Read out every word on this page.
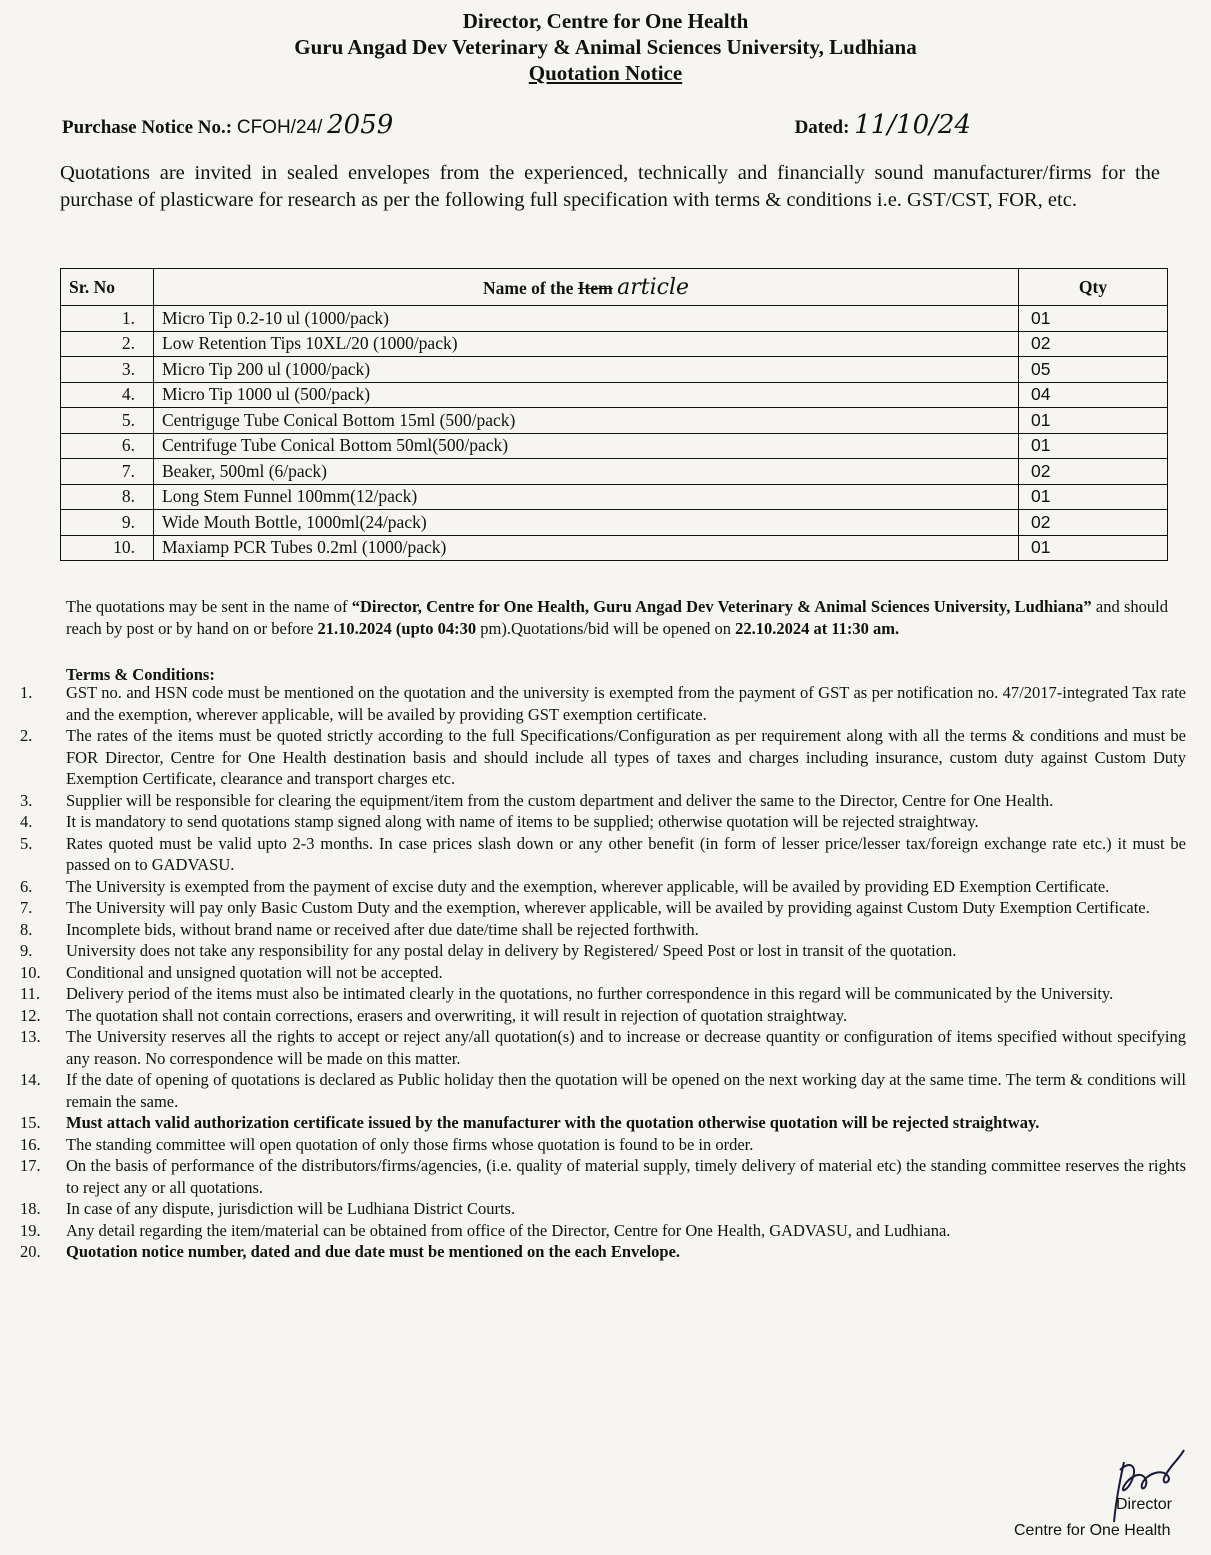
Director, Centre for One Health
Guru Angad Dev Veterinary & Animal Sciences University, Ludhiana
Quotation Notice
Purchase Notice No.: CFOH/24/ 2059	Dated: 11/10/24
Quotations are invited in sealed envelopes from the experienced, technically and financially sound manufacturer/firms for the purchase of plasticware for research as per the following full specification with terms & conditions i.e. GST/CST, FOR, etc.
Sr. No	Name of the Item article	Qty
1.	Micro Tip 0.2-10 ul (1000/pack)	01
2.	Low Retention Tips 10XL/20 (1000/pack)	02
3.	Micro Tip 200 ul (1000/pack)	05
4.	Micro Tip 1000 ul (500/pack)	04
5.	Centriguge Tube Conical Bottom 15ml (500/pack)	01
6.	Centrifuge Tube Conical Bottom 50ml(500/pack)	01
7.	Beaker, 500ml (6/pack)	02
8.	Long Stem Funnel 100mm(12/pack)	01
9.	Wide Mouth Bottle, 1000ml(24/pack)	02
10.	Maxiamp PCR Tubes 0.2ml (1000/pack)	01
The quotations may be sent in the name of “Director, Centre for One Health, Guru Angad Dev Veterinary & Animal Sciences University, Ludhiana” and should reach by post or by hand on or before 21.10.2024 (upto 04:30 pm).Quotations/bid will be opened on 22.10.2024 at 11:30 am.
Terms & Conditions:
1.	GST no. and HSN code must be mentioned on the quotation and the university is exempted from the payment of GST as per notification no. 47/2017-integrated Tax rate and the exemption, wherever applicable, will be availed by providing GST exemption certificate.
2.	The rates of the items must be quoted strictly according to the full Specifications/Configuration as per requirement along with all the terms & conditions and must be FOR Director, Centre for One Health destination basis and should include all types of taxes and charges including insurance, custom duty against Custom Duty Exemption Certificate, clearance and transport charges etc.
3.	Supplier will be responsible for clearing the equipment/item from the custom department and deliver the same to the Director, Centre for One Health.
4.	It is mandatory to send quotations stamp signed along with name of items to be supplied; otherwise quotation will be rejected straightway.
5.	Rates quoted must be valid upto 2-3 months. In case prices slash down or any other benefit (in form of lesser price/lesser tax/foreign exchange rate etc.) it must be passed on to GADVASU.
6.	The University is exempted from the payment of excise duty and the exemption, wherever applicable, will be availed by providing ED Exemption Certificate.
7.	The University will pay only Basic Custom Duty and the exemption, wherever applicable, will be availed by providing against Custom Duty Exemption Certificate.
8.	Incomplete bids, without brand name or received after due date/time shall be rejected forthwith.
9.	University does not take any responsibility for any postal delay in delivery by Registered/ Speed Post or lost in transit of the quotation.
10.	Conditional and unsigned quotation will not be accepted.
11.	Delivery period of the items must also be intimated clearly in the quotations, no further correspondence in this regard will be communicated by the University.
12.	The quotation shall not contain corrections, erasers and overwriting, it will result in rejection of quotation straightway.
13.	The University reserves all the rights to accept or reject any/all quotation(s) and to increase or decrease quantity or configuration of items specified without specifying any reason. No correspondence will be made on this matter.
14.	If the date of opening of quotations is declared as Public holiday then the quotation will be opened on the next working day at the same time. The term & conditions will remain the same.
15.	Must attach valid authorization certificate issued by the manufacturer with the quotation otherwise quotation will be rejected straightway.
16.	The standing committee will open quotation of only those firms whose quotation is found to be in order.
17.	On the basis of performance of the distributors/firms/agencies, (i.e. quality of material supply, timely delivery of material etc) the standing committee reserves the rights to reject any or all quotations.
18.	In case of any dispute, jurisdiction will be Ludhiana District Courts.
19.	Any detail regarding the item/material can be obtained from office of the Director, Centre for One Health, GADVASU, and Ludhiana.
20.	Quotation notice number, dated and due date must be mentioned on the each Envelope.
Director
Centre for One Health
